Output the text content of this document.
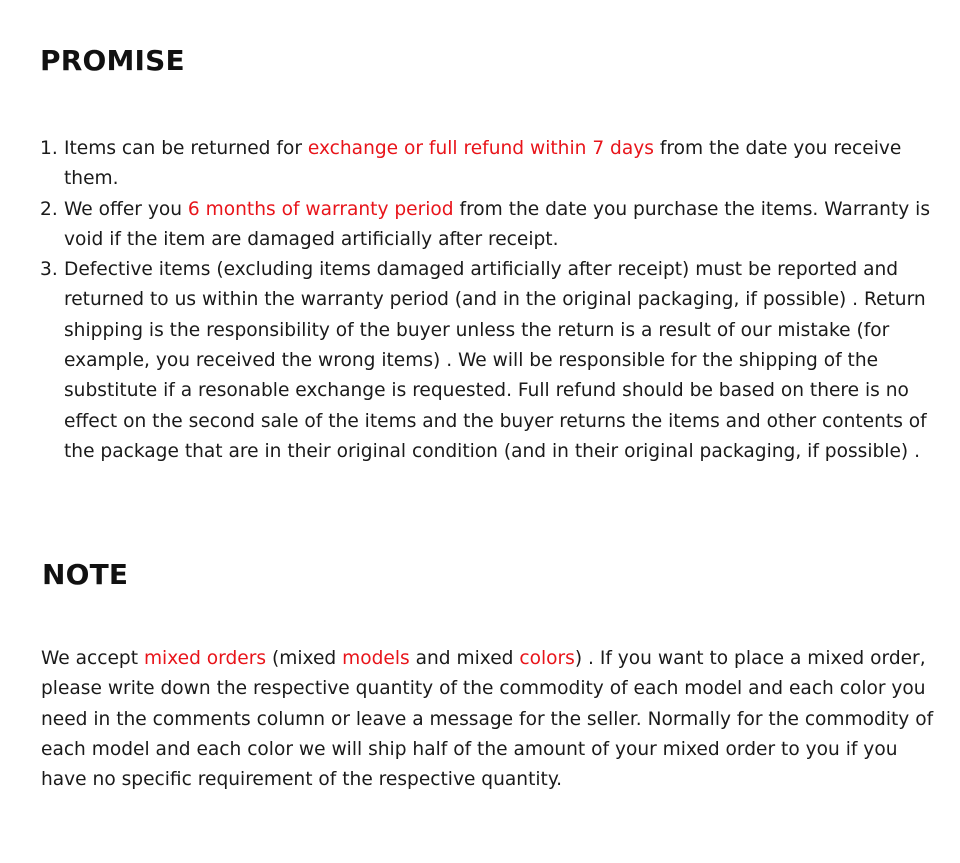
PROMISE
1. Items can be returned for exchange or full refund within 7 days from the date you receive them.
2. We offer you 6 months of warranty period from the date you purchase the items. Warranty is void if the item are damaged artificially after receipt.
3. Defective items (excluding items damaged artificially after receipt) must be reported and returned to us within the warranty period (and in the original packaging, if possible) . Return shipping is the responsibility of the buyer unless the return is a result of our mistake (for example, you received the wrong items) . We will be responsible for the shipping of the substitute if a resonable exchange is requested. Full refund should be based on there is no effect on the second sale of the items and the buyer returns the items and other contents of the package that are in their original condition (and in their original packaging, if possible) .
NOTE

We accept mixed orders (mixed models and mixed colors) . If you want to place a mixed order, please write down the respective quantity of the commodity of each model and each color you need in the comments column or leave a message for the seller. Normally for the commodity of each model and each color we will ship half of the amount of your mixed order to you if you have no specific requirement of the respective quantity.
